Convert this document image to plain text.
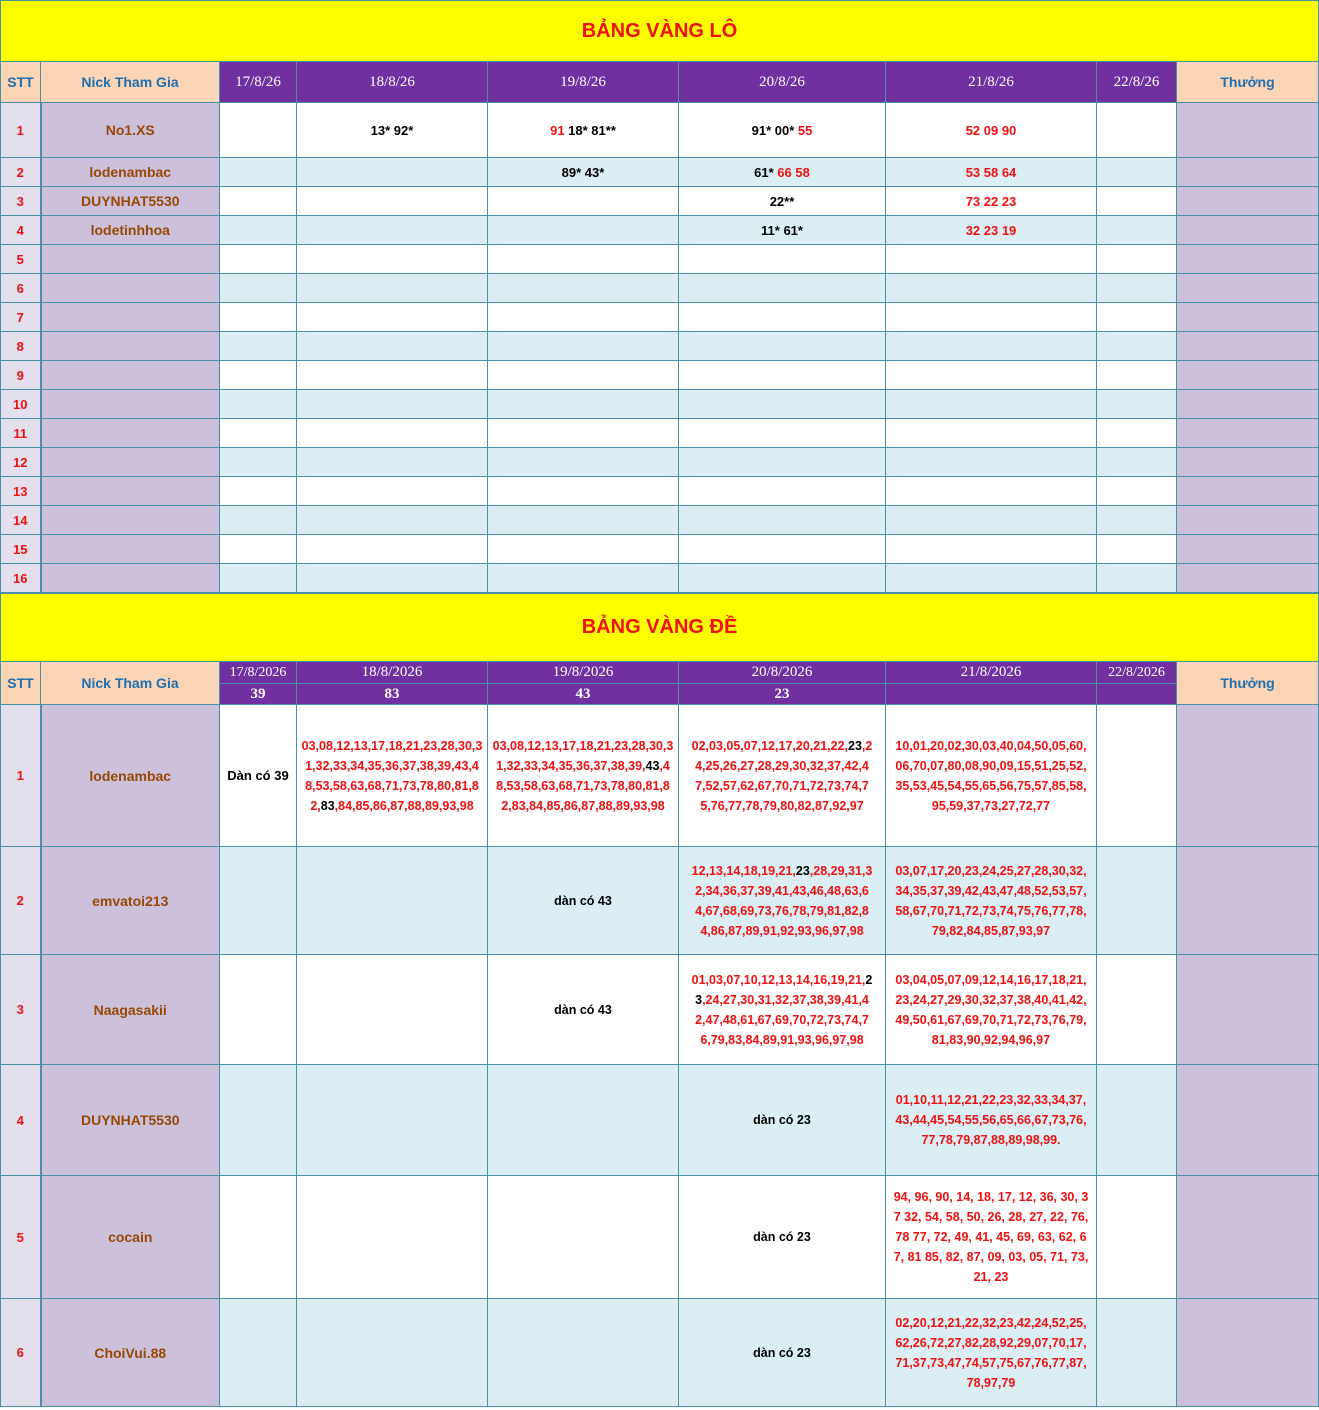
BẢNG VÀNG LÔ								
STT	Nick Tham Gia	17/8/26	18/8/26	19/8/26	20/8/26	21/8/26	22/8/26	Thưởng
1	No1.XS		13* 92*	91 18* 81**	91* 00* 55	52 09 90		

2	lodenambac			89* 43*	61* 66 58	53 58 64		

3	DUYNHAT5530				22**	73 22 23		

4	lodetinhhoa				11* 61*	32 23 19		

5								
6								
7								
8								
9								
10								
11								
12								
13								
14								
15								
16								
BẢNG VÀNG ĐỀ								
STT	Nick Tham Gia	17/8/2026	18/8/2026	19/8/2026	20/8/2026	21/8/2026	22/8/2026	Thưởng
		39	83	43	23			
1	lodenambac	Dàn có 39	03,08,12,13,17,18,21,23,28,30,31,32,33,34,35,36,37,38,39,43,48,53,58,63,68,71,73,78,80,81,82,83,84,85,86,87,88,89,93,98	03,08,12,13,17,18,21,23,28,30,31,32,33,34,35,36,37,38,39,43,48,53,58,63,68,71,73,78,80,81,82,83,84,85,86,87,88,89,93,98	02,03,05,07,12,17,20,21,22,23,24,25,26,27,28,29,30,32,37,42,47,52,57,62,67,70,71,72,73,74,75,76,77,78,79,80,82,87,92,97	10,01,20,02,30,03,40,04,50,05,60,06,70,07,80,08,90,09,15,51,25,52,35,53,45,54,55,65,56,75,57,85,58,95,59,37,73,27,72,77		

2	emvatoi213			dàn có 43	12,13,14,18,19,21,23,28,29,31,32,34,36,37,39,41,43,46,48,63,64,67,68,69,73,76,78,79,81,82,84,86,87,89,91,92,93,96,97,98	03,07,17,20,23,24,25,27,28,30,32,34,35,37,39,42,43,47,48,52,53,57,58,67,70,71,72,73,74,75,76,77,78,79,82,84,85,87,93,97		

3	Naagasakii			dàn có 43	01,03,07,10,12,13,14,16,19,21,23,24,27,30,31,32,37,38,39,41,42,47,48,61,67,69,70,72,73,74,76,79,83,84,89,91,93,96,97,98	03,04,05,07,09,12,14,16,17,18,21,23,24,27,29,30,32,37,38,40,41,42,49,50,61,67,69,70,71,72,73,76,79,81,83,90,92,94,96,97		

4	DUYNHAT5530				dàn có 23	01,10,11,12,21,22,23,32,33,34,37,43,44,45,54,55,56,65,66,67,73,76,77,78,79,87,88,89,98,99.		

5	cocain				dàn có 23	94, 96, 90, 14, 18, 17, 12, 36, 30, 37 32, 54, 58, 50, 26, 28, 27, 22, 76, 78 77, 72, 49, 41, 45, 69, 63, 62, 67, 81 85, 82, 87, 09, 03, 05, 71, 73, 21, 23		

6	ChoiVui.88				dàn có 23	02,20,12,21,22,32,23,42,24,52,25,62,26,72,27,82,28,92,29,07,70,17,71,37,73,47,74,57,75,67,76,77,87,78,97,79		
